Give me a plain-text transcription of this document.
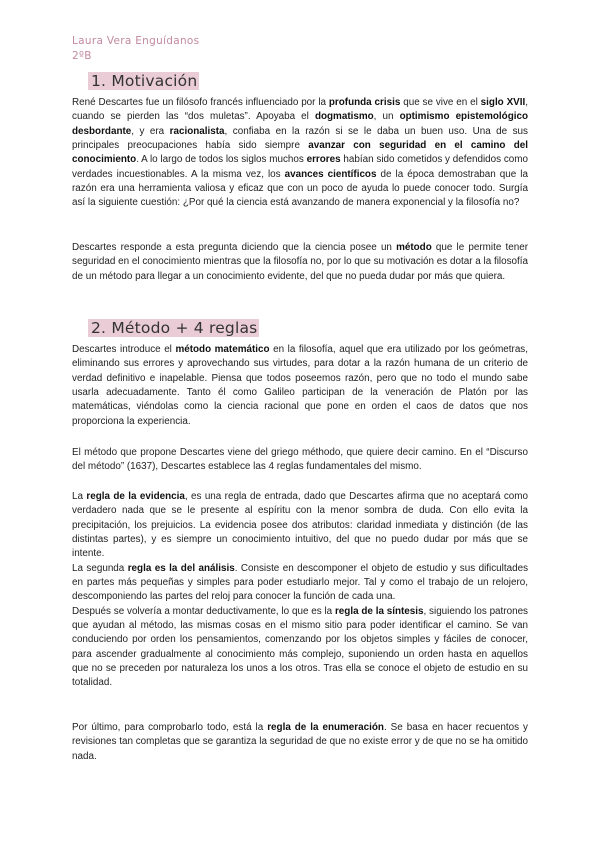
Laura Vera Enguídanos
2ºB
1. Motivación

René Descartes fue un filósofo francés influenciado por la profunda crisis que se vive en el siglo XVII, cuando se pierden las “dos muletas”. Apoyaba el dogmatismo, un optimismo epistemológico desbordante, y era racionalista, confiaba en la razón si se le daba un buen uso. Una de sus principales preocupaciones había sido siempre avanzar con seguridad en el camino del conocimiento. A lo largo de todos los siglos muchos errores habían sido cometidos y defendidos como verdades incuestionables. A la misma vez, los avances científicos de la época demostraban que la razón era una herramienta valiosa y eficaz que con un poco de ayuda lo puede conocer todo. Surgía así la siguiente cuestión: ¿Por qué la ciencia está avanzando de manera exponencial y la filosofía no?

Descartes responde a esta pregunta diciendo que la ciencia posee un método que le permite tener seguridad en el conocimiento mientras que la filosofía no, por lo que su motivación es dotar a la filosofía de un método para llegar a un conocimiento evidente, del que no pueda dudar por más que quiera.

2. Método + 4 reglas

Descartes introduce el método matemático en la filosofía, aquel que era utilizado por los geómetras, eliminando sus errores y aprovechando sus virtudes, para dotar a la razón humana de un criterio de verdad definitivo e inapelable. Piensa que todos poseemos razón, pero que no todo el mundo sabe usarla adecuadamente. Tanto él como Galileo participan de la veneración de Platón por las matemáticas, viéndolas como la ciencia racional que pone en orden el caos de datos que nos proporciona la experiencia.

El método que propone Descartes viene del griego méthodo, que quiere decir camino. En el “Discurso del método” (1637), Descartes establece las 4 reglas fundamentales del mismo.

La regla de la evidencia, es una regla de entrada, dado que Descartes afirma que no aceptará como verdadero nada que se le presente al espíritu con la menor sombra de duda. Con ello evita la precipitación, los prejuicios. La evidencia posee dos atributos: claridad inmediata y distinción (de las distintas partes), y es siempre un conocimiento intuitivo, del que no puedo dudar por más que se intente.
La segunda regla es la del análisis. Consiste en descomponer el objeto de estudio y sus dificultades en partes más pequeñas y simples para poder estudiarlo mejor. Tal y como el trabajo de un relojero, descomponiendo las partes del reloj para conocer la función de cada una.
Después se volvería a montar deductivamente, lo que es la regla de la síntesis, siguiendo los patrones que ayudan al método, las mismas cosas en el mismo sitio para poder identificar el camino. Se van conduciendo por orden los pensamientos, comenzando por los objetos simples y fáciles de conocer, para ascender gradualmente al conocimiento más complejo, suponiendo un orden hasta en aquellos que no se preceden por naturaleza los unos a los otros. Tras ella se conoce el objeto de estudio en su totalidad.

Por último, para comprobarlo todo, está la regla de la enumeración. Se basa en hacer recuentos y revisiones tan completas que se garantiza la seguridad de que no existe error y de que no se ha omitido nada.
